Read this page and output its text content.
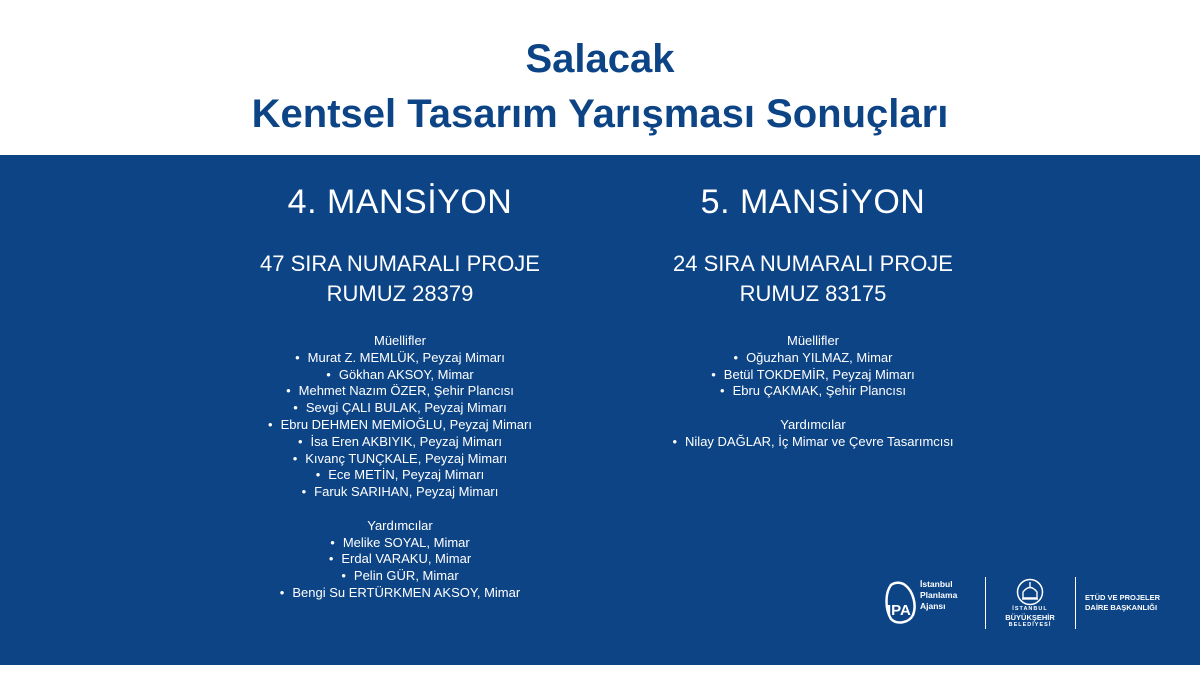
Salacak
Kentsel Tasarım Yarışması Sonuçları
4. MANSİYON
47 SIRA NUMARALI PROJE
RUMUZ 28379
Müellifler
• Murat Z. MEMLÜK, Peyzaj Mimarı
• Gökhan AKSOY, Mimar
• Mehmet Nazım ÖZER, Şehir Plancısı
• Sevgi ÇALI BULAK, Peyzaj Mimarı
• Ebru DEHMEN MEMİOĞLU, Peyzaj Mimarı
• İsa Eren AKBIYIK, Peyzaj Mimarı
• Kıvanç TUNÇKALE, Peyzaj Mimarı
• Ece METİN, Peyzaj Mimarı
• Faruk SARIHAN, Peyzaj Mimarı
Yardımcılar
• Melike SOYAL, Mimar
• Erdal VARAKU, Mimar
• Pelin GÜR, Mimar
• Bengi Su ERTÜRKMEN AKSOY, Mimar
5. MANSİYON
24 SIRA NUMARALI PROJE
RUMUZ 83175
Müellifler
• Oğuzhan YILMAZ, Mimar
• Betül TOKDEMİR, Peyzaj Mimarı
• Ebru ÇAKMAK, Şehir Plancısı
Yardımcılar
• Nilay DAĞLAR, İç Mimar ve Çevre Tasarımcısı
IPA
İstanbul
Planlama
Ajansı	İSTANBUL
BÜYÜKŞEHİR
BELEDİYESİ
ETÜD VE PROJELER
DAİRE BAŞKANLIĞI
